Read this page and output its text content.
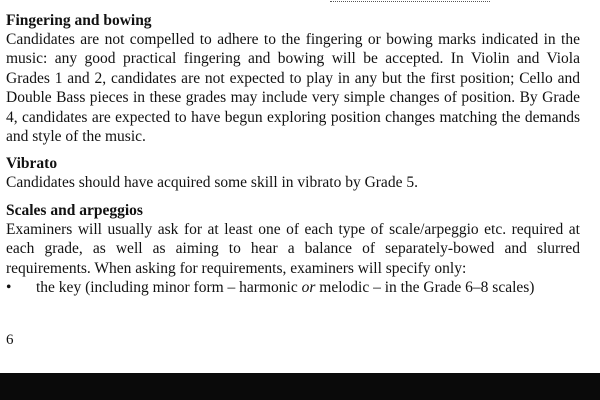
Fingering and bowing

Candidates are not compelled to adhere to the fingering or bowing marks indicated in the music: any good practical fingering and bowing will be accepted. In Violin and Viola Grades 1 and 2, candidates are not expected to play in any but the first position; Cello and Double Bass pieces in these grades may include very simple changes of position. By Grade 4, candidates are expected to have begun exploring position changes matching the demands and style of the music.

Vibrato

Candidates should have acquired some skill in vibrato by Grade 5.

Scales and arpeggios

Examiners will usually ask for at least one of each type of scale/arpeggio etc. required at each grade, as well as aiming to hear a balance of separately-bowed and slurred requirements. When asking for requirements, examiners will specify only:

•	the key (including minor form – harmonic or melodic – in the Grade 6–8 scales)
6
